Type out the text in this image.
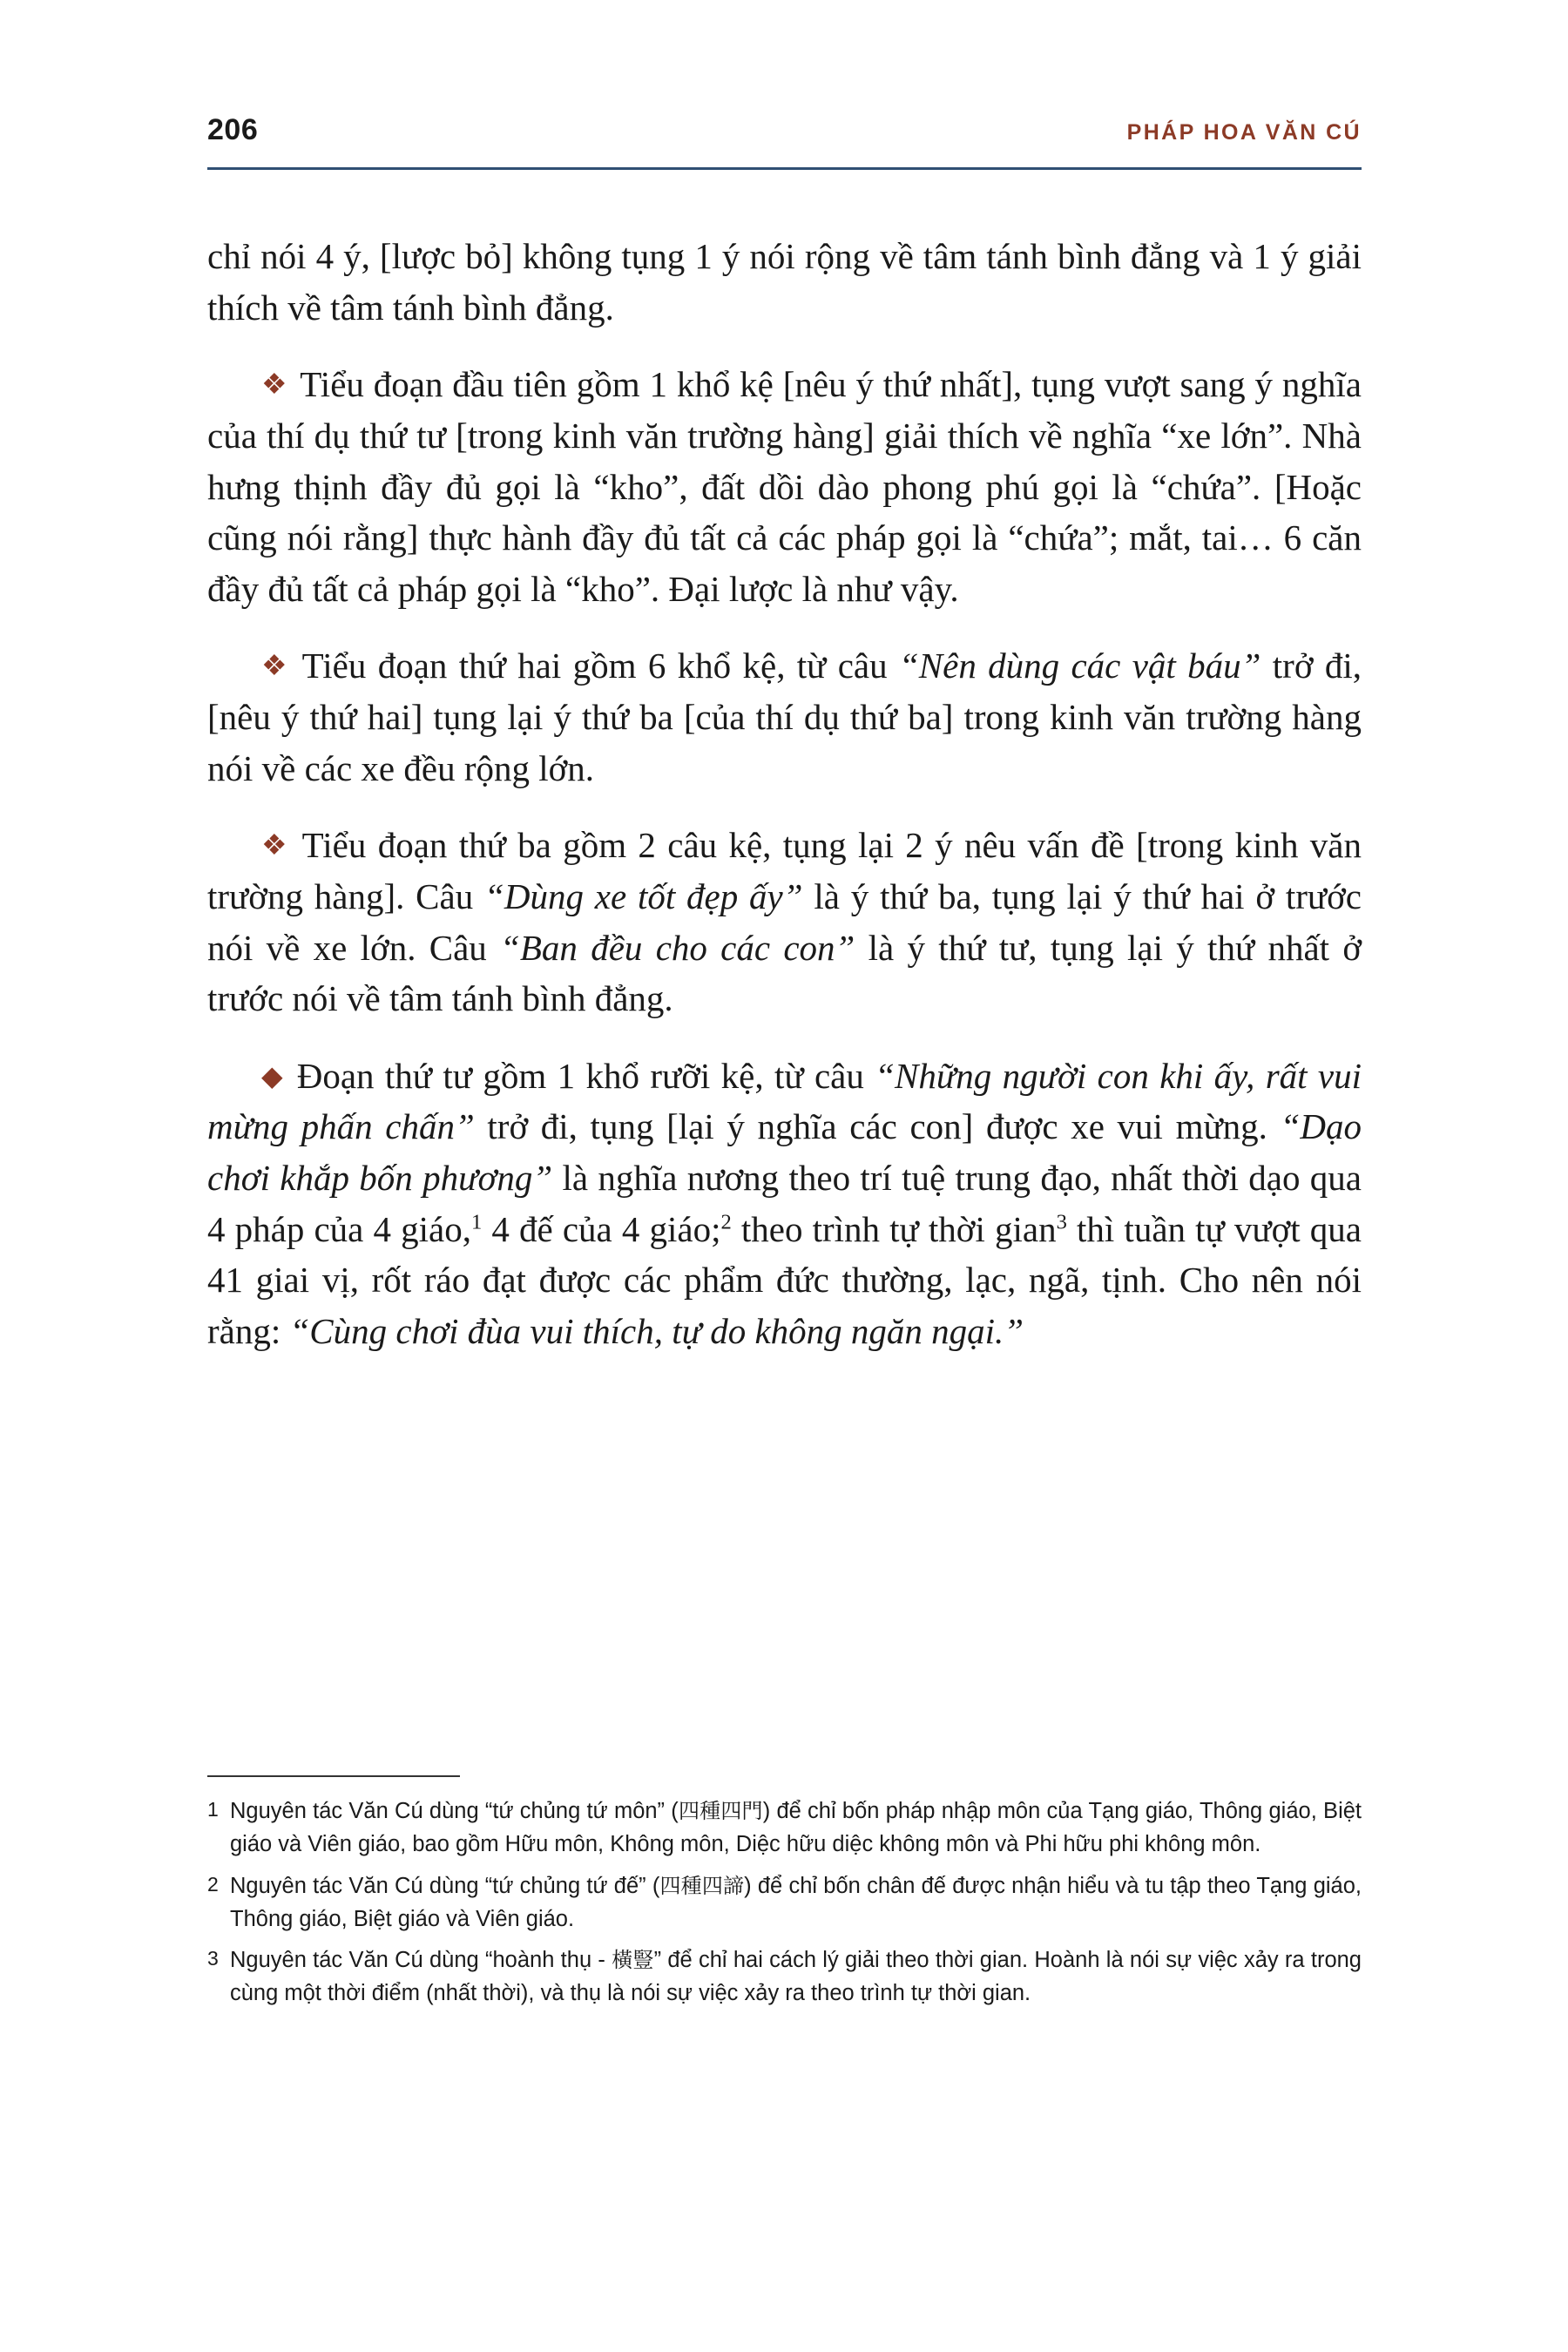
206	PHÁP HOA VĂN CÚ

chỉ nói 4 ý, [lược bỏ] không tụng 1 ý nói rộng về tâm tánh bình đẳng và 1 ý giải thích về tâm tánh bình đẳng.

❖ Tiểu đoạn đầu tiên gồm 1 khổ kệ [nêu ý thứ nhất], tụng vượt sang ý nghĩa của thí dụ thứ tư [trong kinh văn trường hàng] giải thích về nghĩa “xe lớn”. Nhà hưng thịnh đầy đủ gọi là “kho”, đất dồi dào phong phú gọi là “chứa”. [Hoặc cũng nói rằng] thực hành đầy đủ tất cả các pháp gọi là “chứa”; mắt, tai… 6 căn đầy đủ tất cả pháp gọi là “kho”. Đại lược là như vậy.

❖ Tiểu đoạn thứ hai gồm 6 khổ kệ, từ câu “Nên dùng các vật báu” trở đi, [nêu ý thứ hai] tụng lại ý thứ ba [của thí dụ thứ ba] trong kinh văn trường hàng nói về các xe đều rộng lớn.

❖ Tiểu đoạn thứ ba gồm 2 câu kệ, tụng lại 2 ý nêu vấn đề [trong kinh văn trường hàng]. Câu “Dùng xe tốt đẹp ấy” là ý thứ ba, tụng lại ý thứ hai ở trước nói về xe lớn. Câu “Ban đều cho các con” là ý thứ tư, tụng lại ý thứ nhất ở trước nói về tâm tánh bình đẳng.

◆ Đoạn thứ tư gồm 1 khổ rưỡi kệ, từ câu “Những người con khi ấy, rất vui mừng phấn chấn” trở đi, tụng [lại ý nghĩa các con] được xe vui mừng. “Dạo chơi khắp bốn phương” là nghĩa nương theo trí tuệ trung đạo, nhất thời dạo qua 4 pháp của 4 giáo,$^1$ 4 đế của 4 giáo;$^2$ theo trình tự thời gian$^3$ thì tuần tự vượt qua 41 giai vị, rốt ráo đạt được các phẩm đức thường, lạc, ngã, tịnh. Cho nên nói rằng: “Cùng chơi đùa vui thích, tự do không ngăn ngại.”

1 Nguyên tác Văn Cú dùng “tứ chủng tứ môn” (四種四門) để chỉ bốn pháp nhập môn của Tạng giáo, Thông giáo, Biệt giáo và Viên giáo, bao gồm Hữu môn, Không môn, Diệc hữu diệc không môn và Phi hữu phi không môn.
2 Nguyên tác Văn Cú dùng “tứ chủng tứ đế” (四種四諦) để chỉ bốn chân đế được nhận hiểu và tu tập theo Tạng giáo, Thông giáo, Biệt giáo và Viên giáo.
3 Nguyên tác Văn Cú dùng “hoành thụ - 橫豎” để chỉ hai cách lý giải theo thời gian. Hoành là nói sự việc xảy ra trong cùng một thời điểm (nhất thời), và thụ là nói sự việc xảy ra theo trình tự thời gian.
